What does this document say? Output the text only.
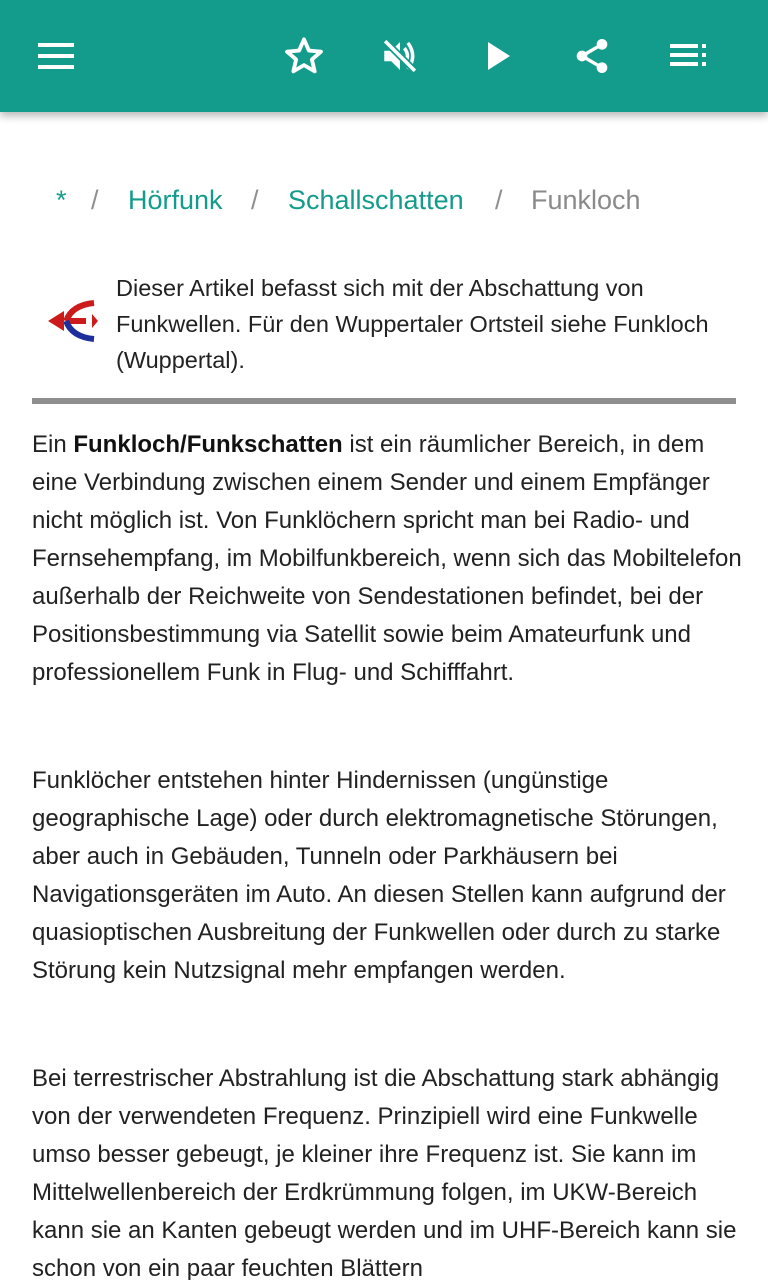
* / Hörfunk / Schallschatten / Funkloch
Dieser Artikel befasst sich mit der Abschattung von Funkwellen. Für den Wuppertaler Ortsteil siehe Funkloch (Wuppertal).

Ein Funkloch/Funkschatten ist ein räumlicher Bereich, in dem eine Verbindung zwischen einem Sender und einem Empfänger nicht möglich ist. Von Funklöchern spricht man bei Radio- und Fernsehempfang, im Mobilfunkbereich, wenn sich das Mobiltelefon außerhalb der Reichweite von Sendestationen befindet, bei der Positionsbestimmung via Satellit sowie beim Amateurfunk und professionellem Funk in Flug- und Schifffahrt.

Funklöcher entstehen hinter Hindernissen (ungünstige geographische Lage) oder durch elektromagnetische Störungen, aber auch in Gebäuden, Tunneln oder Parkhäusern bei Navigationsgeräten im Auto. An diesen Stellen kann aufgrund der quasioptischen Ausbreitung der Funkwellen oder durch zu starke Störung kein Nutzsignal mehr empfangen werden.

Bei terrestrischer Abstrahlung ist die Abschattung stark abhängig von der verwendeten Frequenz. Prinzipiell wird eine Funkwelle umso besser gebeugt, je kleiner ihre Frequenz ist. Sie kann im Mittelwellenbereich der Erdkrümmung folgen, im UKW-Bereich kann sie an Kanten gebeugt werden und im UHF-Bereich kann sie schon von ein paar feuchten Blättern
